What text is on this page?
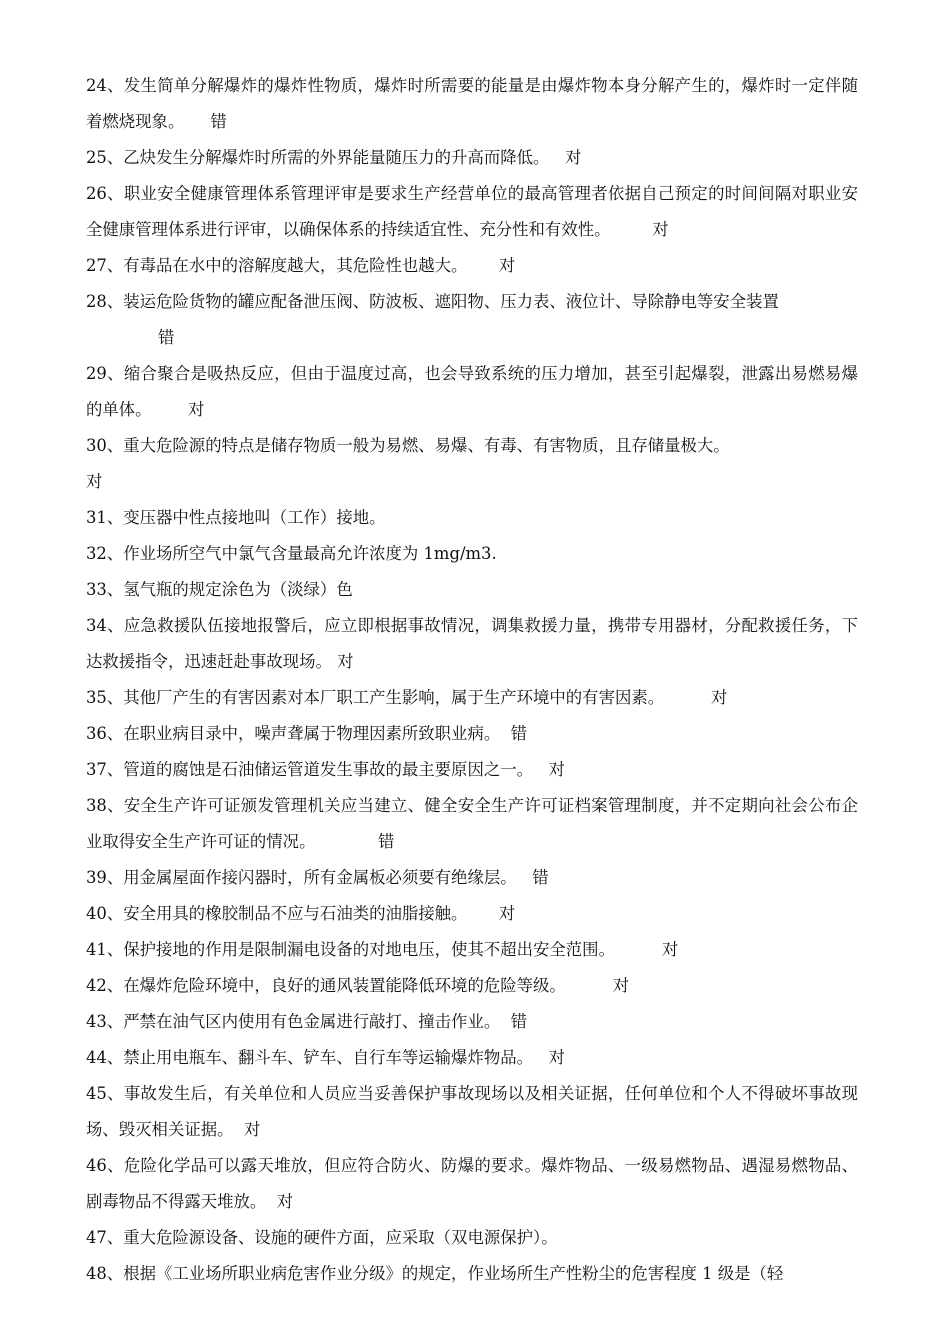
24、发生简单分解爆炸的爆炸性物质，爆炸时所需要的能量是由爆炸物本身分解产生的，爆炸时一定伴随着燃烧现象。 错

25、乙炔发生分解爆炸时所需的外界能量随压力的升高而降低。 对

26、职业安全健康管理体系管理评审是要求生产经营单位的最高管理者依据自己预定的时间间隔对职业安全健康管理体系进行评审，以确保体系的持续适宜性、充分性和有效性。	对

27、有毒品在水中的溶解度越大，其危险性也越大。 对

28、装运危险货物的罐应配备泄压阀、防波板、遮阳物、压力表、液位计、导除静电等安全装置
错

29、缩合聚合是吸热反应，但由于温度过高，也会导致系统的压力增加，甚至引起爆裂，泄露出易燃易爆的单体。 对

30、重大危险源的特点是储存物质一般为易燃、易爆、有毒、有害物质，且存储量极大。
对

31、变压器中性点接地叫（工作）接地。

32、作业场所空气中氯气含量最高允许浓度为 1mg/m3.

33、氢气瓶的规定涂色为（淡绿）色

34、应急救援队伍接地报警后，应立即根据事故情况，调集救援力量，携带专用器材，分配救援任务，下达救援指令，迅速赶赴事故现场。 对

35、其他厂产生的有害因素对本厂职工产生影响，属于生产环境中的有害因素。	对

36、在职业病目录中，噪声聋属于物理因素所致职业病。 错

37、管道的腐蚀是石油储运管道发生事故的最主要原因之一。 对

38、安全生产许可证颁发管理机关应当建立、健全安全生产许可证档案管理制度，并不定期向社会公布企业取得安全生产许可证的情况。	错

39、用金属屋面作接闪器时，所有金属板必须要有绝缘层。 错

40、安全用具的橡胶制品不应与石油类的油脂接触。 对

41、保护接地的作用是限制漏电设备的对地电压，使其不超出安全范围。	对

42、在爆炸危险环境中，良好的通风装置能降低环境的危险等级。	对

43、严禁在油气区内使用有色金属进行敲打、撞击作业。 错

44、禁止用电瓶车、翻斗车、铲车、自行车等运输爆炸物品。 对

45、事故发生后，有关单位和人员应当妥善保护事故现场以及相关证据，任何单位和个人不得破坏事故现场、毁灭相关证据。 对

46、危险化学品可以露天堆放，但应符合防火、防爆的要求。爆炸物品、一级易燃物品、遇湿易燃物品、剧毒物品不得露天堆放。 对

47、重大危险源设备、设施的硬件方面，应采取（双电源保护）。

48、根据《工业场所职业病危害作业分级》的规定，作业场所生产性粉尘的危害程度 1 级是（轻
